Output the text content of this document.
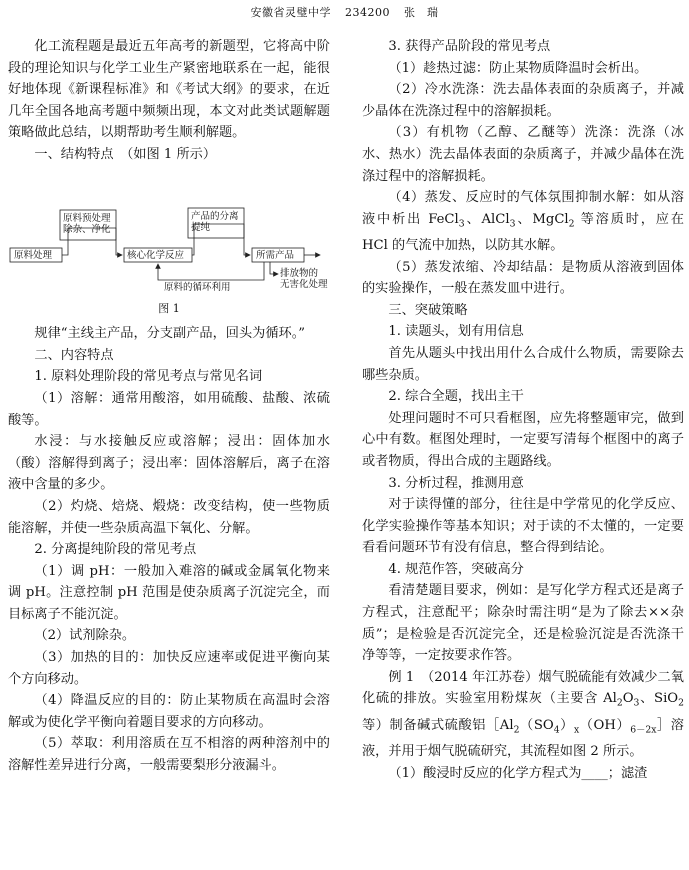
安徽省灵璧中学 234200 张　瑞

化工流程题是最近五年高考的新题型，它将高中阶段的理论知识与化学工业生产紧密地联系在一起，能很好地体现《新课程标准》和《考试大纲》的要求，在近几年全国各地高考题中频频出现，本文对此类试题解题策略做此总结，以期帮助考生顺利解题。

一、结构特点　（如图 1 所示）

原料处理
原料预处理
除杂、净化
核心化学反应
产品的分离
提纯
所需产品
原料的循环利用
排放物的
无害化处理
图 1

规律“主线主产品，分支副产品，回头为循环。”

二、内容特点

1. 原料处理阶段的常见考点与常见名词

（1）溶解：通常用酸溶，如用硫酸、盐酸、浓硫酸等。

水浸：与水接触反应或溶解；浸出：固体加水（酸）溶解得到离子；浸出率：固体溶解后，离子在溶液中含量的多少。

（2）灼烧、焙烧、煅烧：改变结构，使一些物质能溶解，并使一些杂质高温下氧化、分解。

2. 分离提纯阶段的常见考点

（1）调 pH：一般加入难溶的碱或金属氧化物来调 pH。注意控制 pH 范围是使杂质离子沉淀完全，而目标离子不能沉淀。

（2）试剂除杂。

（3）加热的目的：加快反应速率或促进平衡向某个方向移动。

（4）降温反应的目的：防止某物质在高温时会溶解或为使化学平衡向着题目要求的方向移动。

（5）萃取：利用溶质在互不相溶的两种溶剂中的溶解性差异进行分离，一般需要梨形分液漏斗。

3. 获得产品阶段的常见考点

（1）趁热过滤：防止某物质降温时会析出。

（2）冷水洗涤：洗去晶体表面的杂质离子，并减少晶体在洗涤过程中的溶解损耗。

（3）有机物（乙醇、乙醚等）洗涤：洗涤（冰水、热水）洗去晶体表面的杂质离子，并减少晶体在洗涤过程中的溶解损耗。

（4）蒸发、反应时的气体氛围抑制水解：如从溶液中析出 FeCl$_3$、AlCl$_3$、MgCl$_2$ 等溶质时，应在 HCl 的气流中加热，以防其水解。

（5）蒸发浓缩、冷却结晶：是物质从溶液到固体的实验操作，一般在蒸发皿中进行。

三、突破策略

1. 读题头，划有用信息

首先从题头中找出用什么合成什么物质，需要除去哪些杂质。

2. 综合全题，找出主干

处理问题时不可只看框图，应先将整题审完，做到心中有数。框图处理时，一定要写清每个框图中的离子或者物质，得出合成的主题路线。

3. 分析过程，推测用意

对于读得懂的部分，往往是中学常见的化学反应、化学实验操作等基本知识；对于读的不太懂的，一定要看看问题环节有没有信息，整合得到结论。

4. 规范作答，突破高分

看清楚题目要求，例如：是写化学方程式还是离子方程式，注意配平；除杂时需注明“是为了除去××杂质”；是检验是否沉淀完全，还是检验沉淀是否洗涤干净等等，一定按要求作答。

例 1　（2014 年江苏卷）烟气脱硫能有效减少二氧化硫的排放。实验室用粉煤灰（主要含 $Al_2O_3$、SiO$_2$ 等）制备碱式硫酸铝$[Al_2(SO_4)_x(OH)_{6-2x}]$溶液，并用于烟气脱硫研究，其流程如图 2 所示。

（1）酸浸时反应的化学方程式为____；滤渣
